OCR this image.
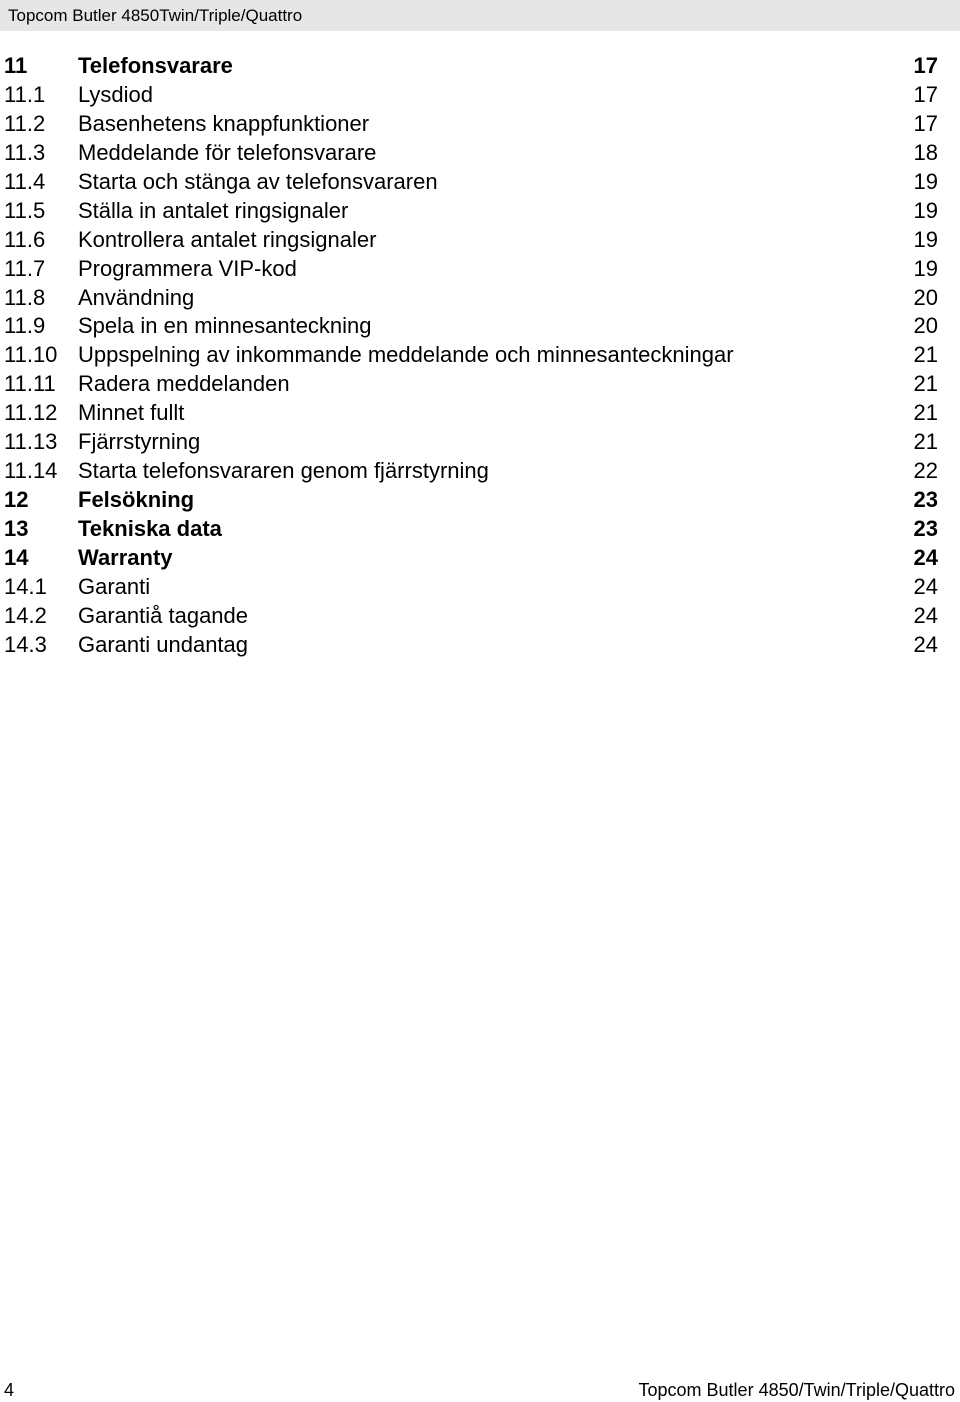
Topcom Butler 4850Twin/Triple/Quattro
11 Telefonsvarare	17
11.1 Lysdiod	17
11.2 Basenhetens knappfunktioner	17
11.3 Meddelande för telefonsvarare	18
11.4 Starta och stänga av telefonsvararen	19
11.5 Ställa in antalet ringsignaler	19
11.6 Kontrollera antalet ringsignaler	19
11.7 Programmera VIP-kod	19
11.8 Användning	20
11.9 Spela in en minnesanteckning	20
11.10 Uppspelning av inkommande meddelande och minnesanteckningar	21
11.11 Radera meddelanden	21
11.12 Minnet fullt	21
11.13 Fjärrstyrning	21
11.14 Starta telefonsvararen genom fjärrstyrning	22
12 Felsökning	23
13 Tekniska data	23
14 Warranty	24
14.1 Garanti	24
14.2 Garantiå tagande	24
14.3 Garanti undantag	24
4	Topcom Butler 4850/Twin/Triple/Quattro
